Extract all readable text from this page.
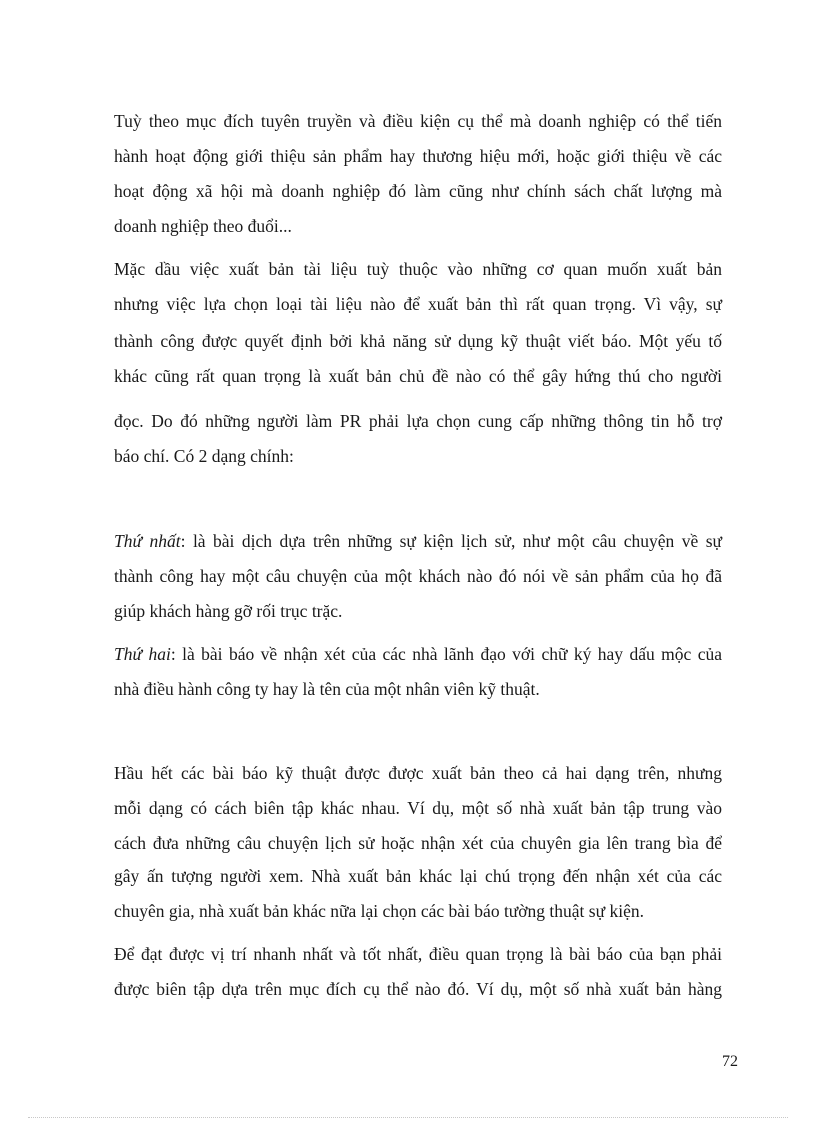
Tuỳ theo mục đích tuyên truyền và điều kiện cụ thể mà doanh nghiệp có thể tiến
hành hoạt động giới thiệu sản phẩm hay thương hiệu mới, hoặc giới thiệu về các
hoạt động xã hội mà doanh nghiệp đó làm cũng như chính sách chất lượng mà
doanh nghiệp theo đuổi...
Mặc dầu việc xuất bản tài liệu tuỳ thuộc vào những cơ quan muốn xuất bản
nhưng việc lựa chọn loại tài liệu nào để xuất bản thì rất quan trọng. Vì vậy, sự
thành công được quyết định bởi khả năng sử dụng kỹ thuật viết báo. Một yếu tố
khác cũng rất quan trọng là xuất bản chủ đề nào có thể gây hứng thú cho người
đọc. Do đó những người làm PR phải lựa chọn cung cấp những thông tin hỗ trợ
báo chí. Có 2 dạng chính:
Thứ nhất: là bài dịch dựa trên những sự kiện lịch sử, như một câu chuyện về sự
thành công hay một câu chuyện của một khách nào đó nói về sản phẩm của họ đã
giúp khách hàng gỡ rối trục trặc.
Thứ hai: là bài báo về nhận xét của các nhà lãnh đạo với chữ ký hay dấu mộc của
nhà điều hành công ty hay là tên của một nhân viên kỹ thuật.
Hầu hết các bài báo kỹ thuật được được xuất bản theo cả hai dạng trên, nhưng
mỗi dạng có cách biên tập khác nhau. Ví dụ, một số nhà xuất bản tập trung vào
cách đưa những câu chuyện lịch sử hoặc nhận xét của chuyên gia lên trang bìa để
gây ấn tượng người xem. Nhà xuất bản khác lại chú trọng đến nhận xét của các
chuyên gia, nhà xuất bản khác nữa lại chọn các bài báo tường thuật sự kiện.
Để đạt được vị trí nhanh nhất và tốt nhất, điều quan trọng là bài báo của bạn phải
được biên tập dựa trên mục đích cụ thể nào đó. Ví dụ, một số nhà xuất bản hàng
72
